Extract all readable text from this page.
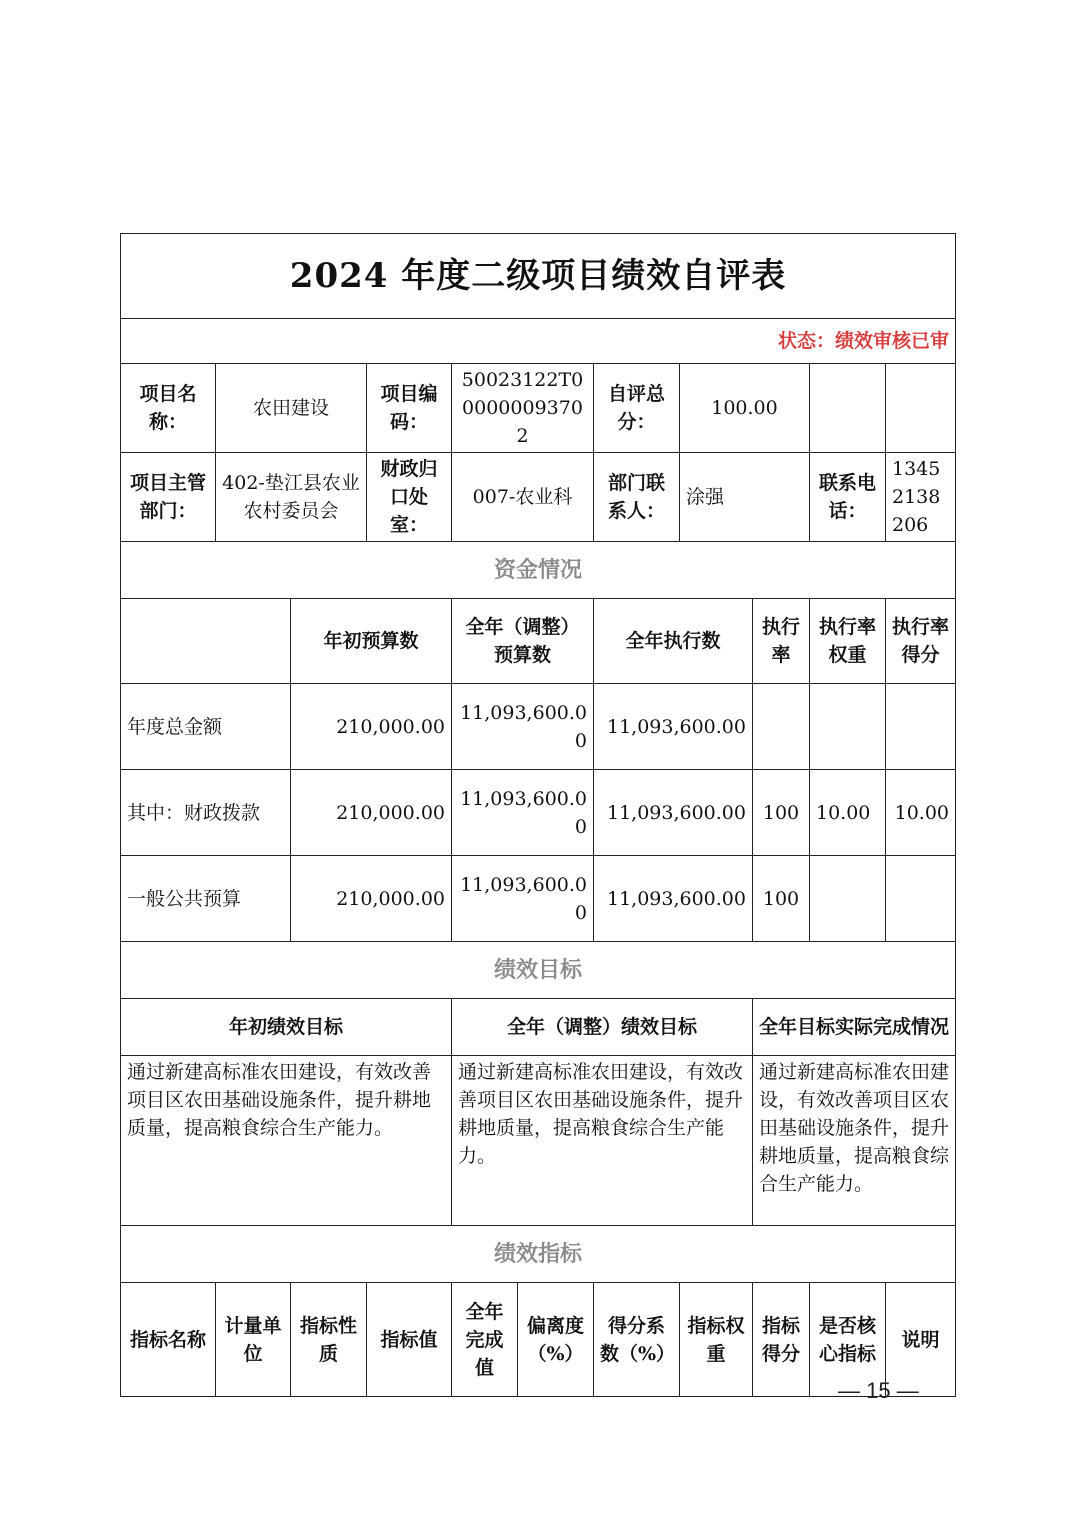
2024 年度二级项目绩效自评表										
状态：绩效审核已审										
项目名称：	农田建设		项目编码：	50023122T000000093702		自评总分：	100.00			
项目主管部门：	402-垫江县农业农村委员会		财政归口处室：	007-农业科		部门联系人：	涂强		联系电话：	13452138206
资金情况										
		年初预算数		全年（调整）预算数		全年执行数		执行率	执行率权重	执行率得分
年度总金额		210,000.00		11,093,600.00		11,093,600.00				
其中：财政拨款		210,000.00		11,093,600.00		11,093,600.00		100	10.00	10.00
一般公共预算		210,000.00		11,093,600.00		11,093,600.00		100		
绩效目标										
年初绩效目标				全年（调整）绩效目标				全年目标实际完成情况		
通过新建高标准农田建设，有效改善项目区农田基础设施条件，提升耕地质量，提高粮食综合生产能力。				通过新建高标准农田建设，有效改善项目区农田基础设施条件，提升耕地质量，提高粮食综合生产能力。				通过新建高标准农田建设，有效改善项目区农田基础设施条件，提升耕地质量，提高粮食综合生产能力。		
绩效指标										
指标名称	计量单位	指标性质	指标值	全年完成值	偏离度（%）	得分系数（%）	指标权重	指标得分	是否核心指标	说明
— 15 —
